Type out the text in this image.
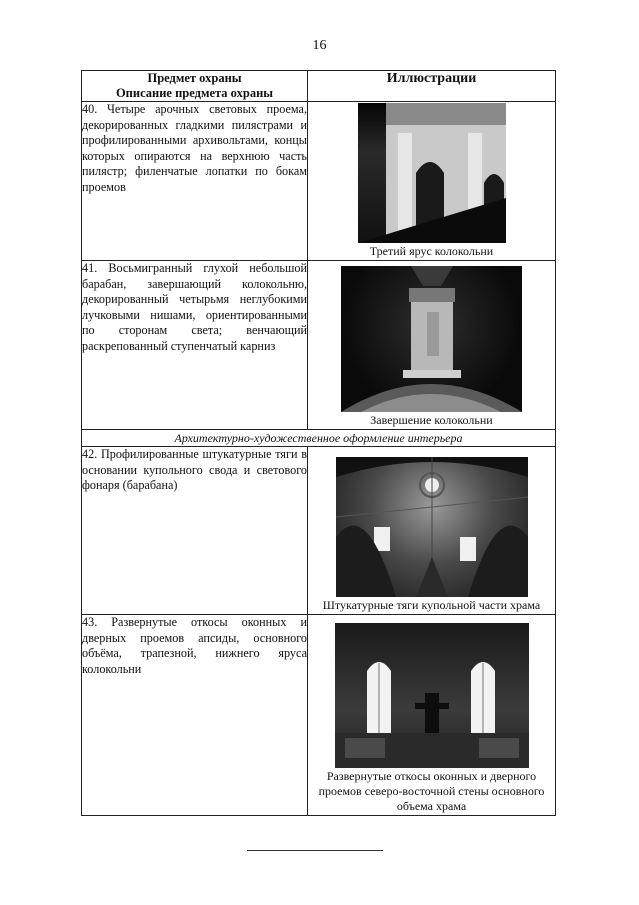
16
Предмет охраны
Описание предмета охраны	Иллюстрации
40. Четыре арочных световых проема, декорированных гладкими пилястрами и профилированными архивольтами, концы которых опираются на верхнюю часть пилястр; филенчатые лопатки по бокам проемов	Третий ярус колокольни

41. Восьмигранный глухой небольшой барабан, завершающий колокольню, декорированный четырьмя неглубокими лучковыми нишами, ориентированными по сторонам света; венчающий раскрепованный ступенчатый карниз	Завершение колокольни

Архитектурно-художественное оформление интерьера	
42. Профилированные штукатурные тяги в основании купольного свода и светового фонаря (барабана)	Штукатурные тяги купольной части храма

43. Развернутые откосы оконных и дверных проемов апсиды, основного объёма, трапезной, нижнего яруса колокольни	Развернутые откосы оконных и дверного проемов северо-восточной стены основного объема храма
